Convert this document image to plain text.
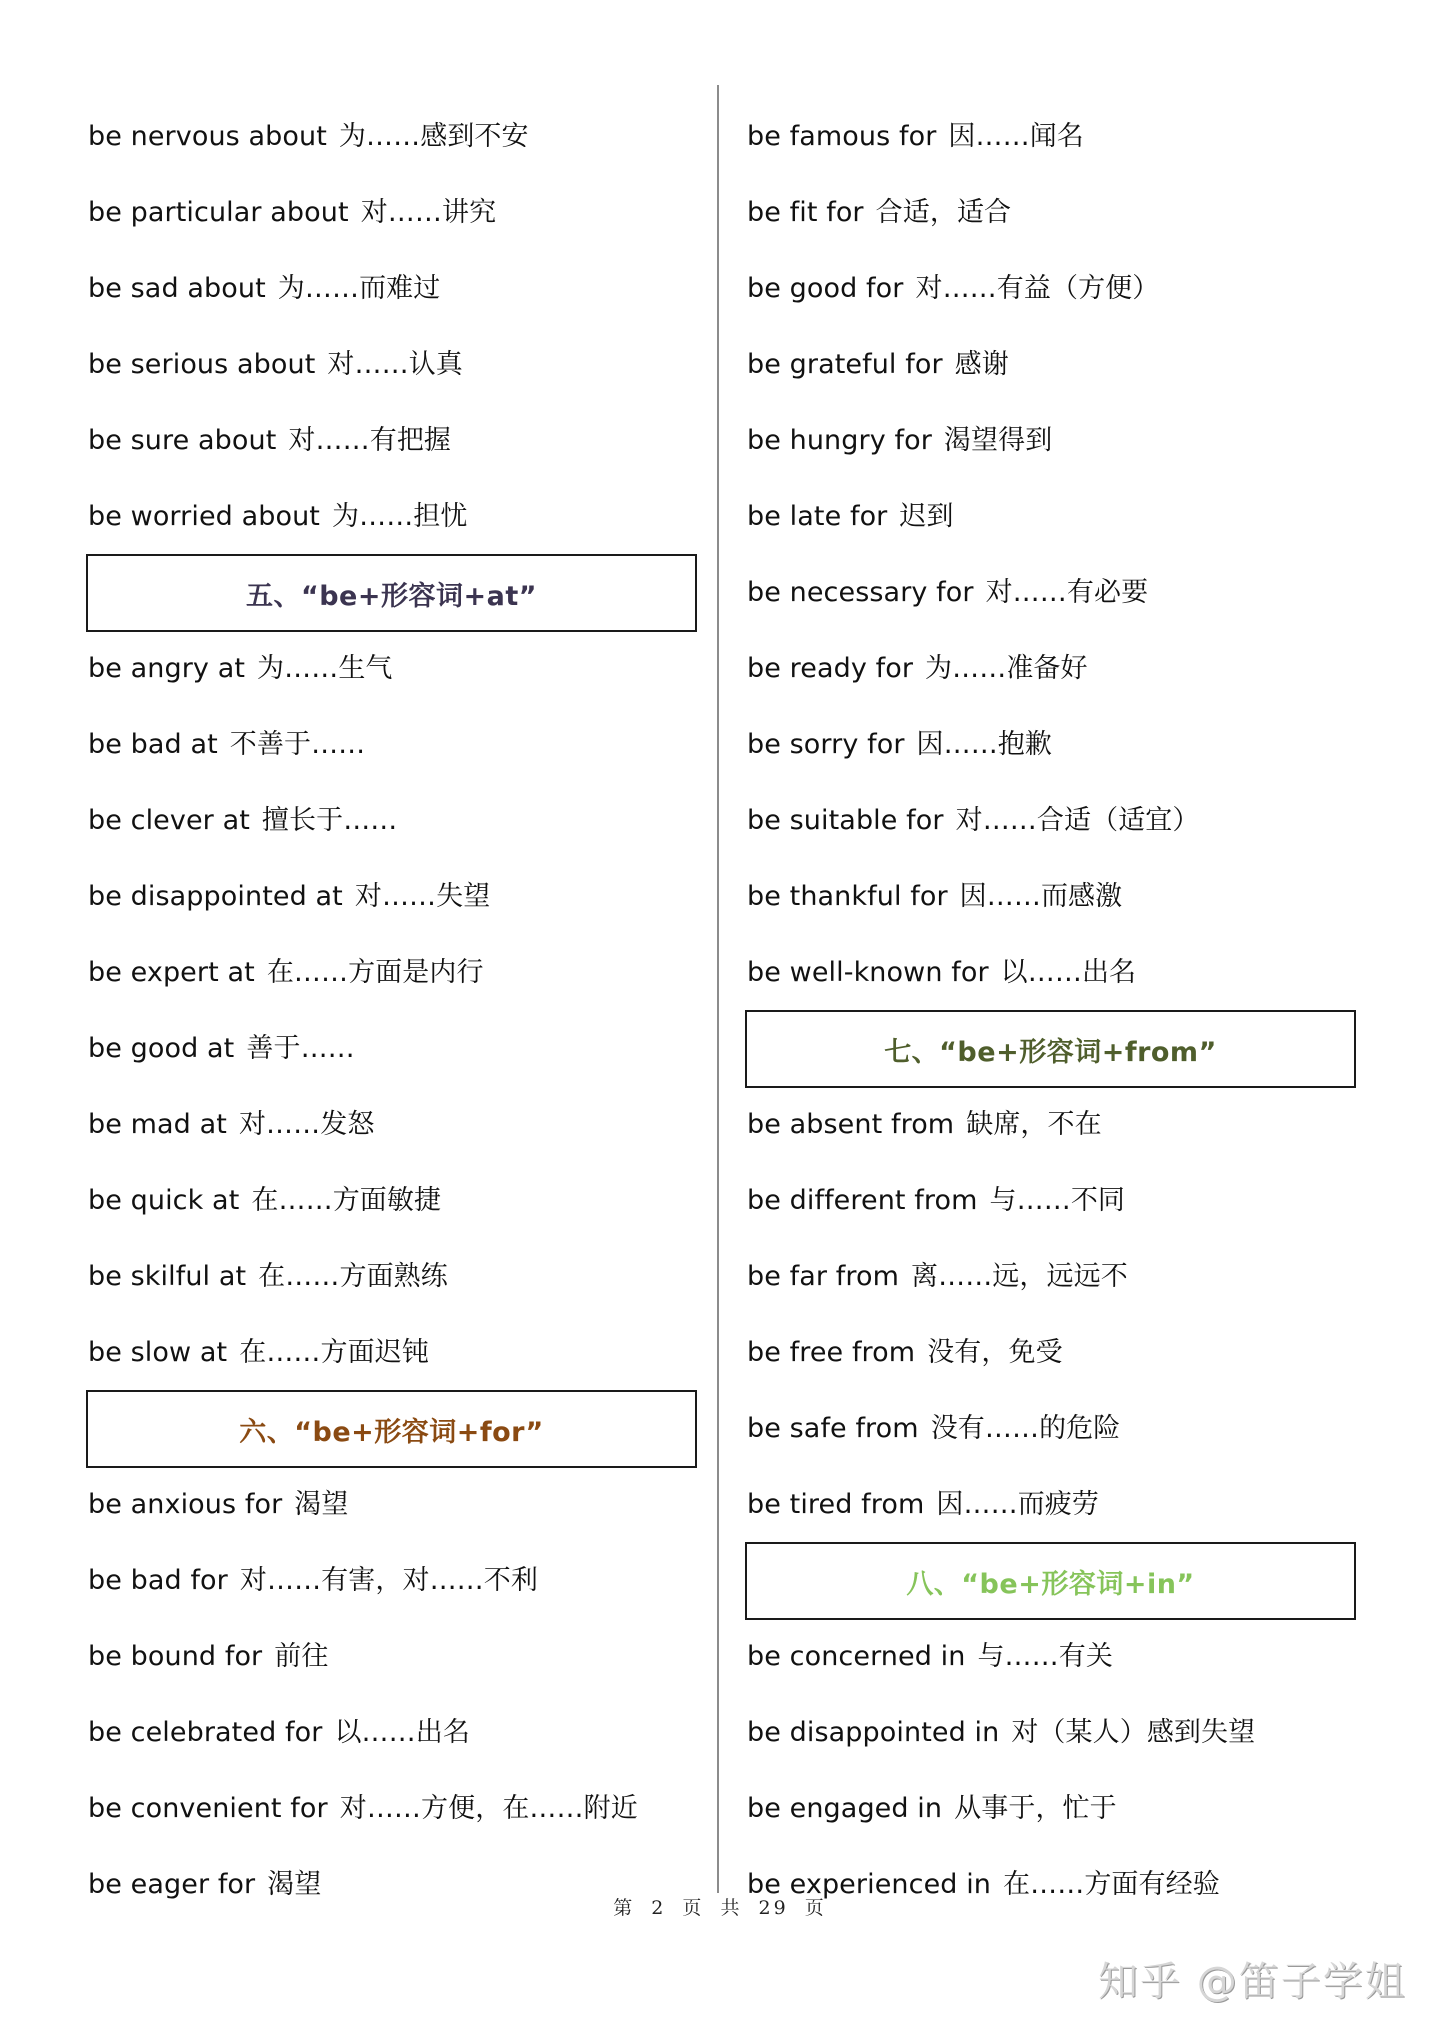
be nervous about 为……感到不安
be particular about 对……讲究
be sad about 为……而难过
be serious about 对……认真
be sure about 对……有把握
be worried about 为……担忧
五、“be+形容词+at”
be angry at 为……生气
be bad at 不善于……
be clever at 擅长于……
be disappointed at 对……失望
be expert at 在……方面是内行
be good at 善于……
be mad at 对……发怒
be quick at 在……方面敏捷
be skilful at 在……方面熟练
be slow at 在……方面迟钝
六、“be+形容词+for”
be anxious for 渴望
be bad for 对……有害，对……不利
be bound for 前往
be celebrated for 以……出名
be convenient for 对……方便，在……附近
be eager for 渴望
be famous for 因……闻名
be fit for 合适，适合
be good for 对……有益（方便）
be grateful for 感谢
be hungry for 渴望得到
be late for 迟到
be necessary for 对……有必要
be ready for 为……准备好
be sorry for 因……抱歉
be suitable for 对……合适（适宜）
be thankful for 因……而感激
be well-known for 以……出名
七、“be+形容词+from”
be absent from 缺席，不在
be different from 与……不同
be far from 离……远，远远不
be free from 没有，免受
be safe from 没有……的危险
be tired from 因……而疲劳
八、“be+形容词+in”
be concerned in 与……有关
be disappointed in 对（某人）感到失望
be engaged in 从事于，忙于
be experienced in 在……方面有经验
第 2 页 共 29 页
知乎 @笛子学姐
